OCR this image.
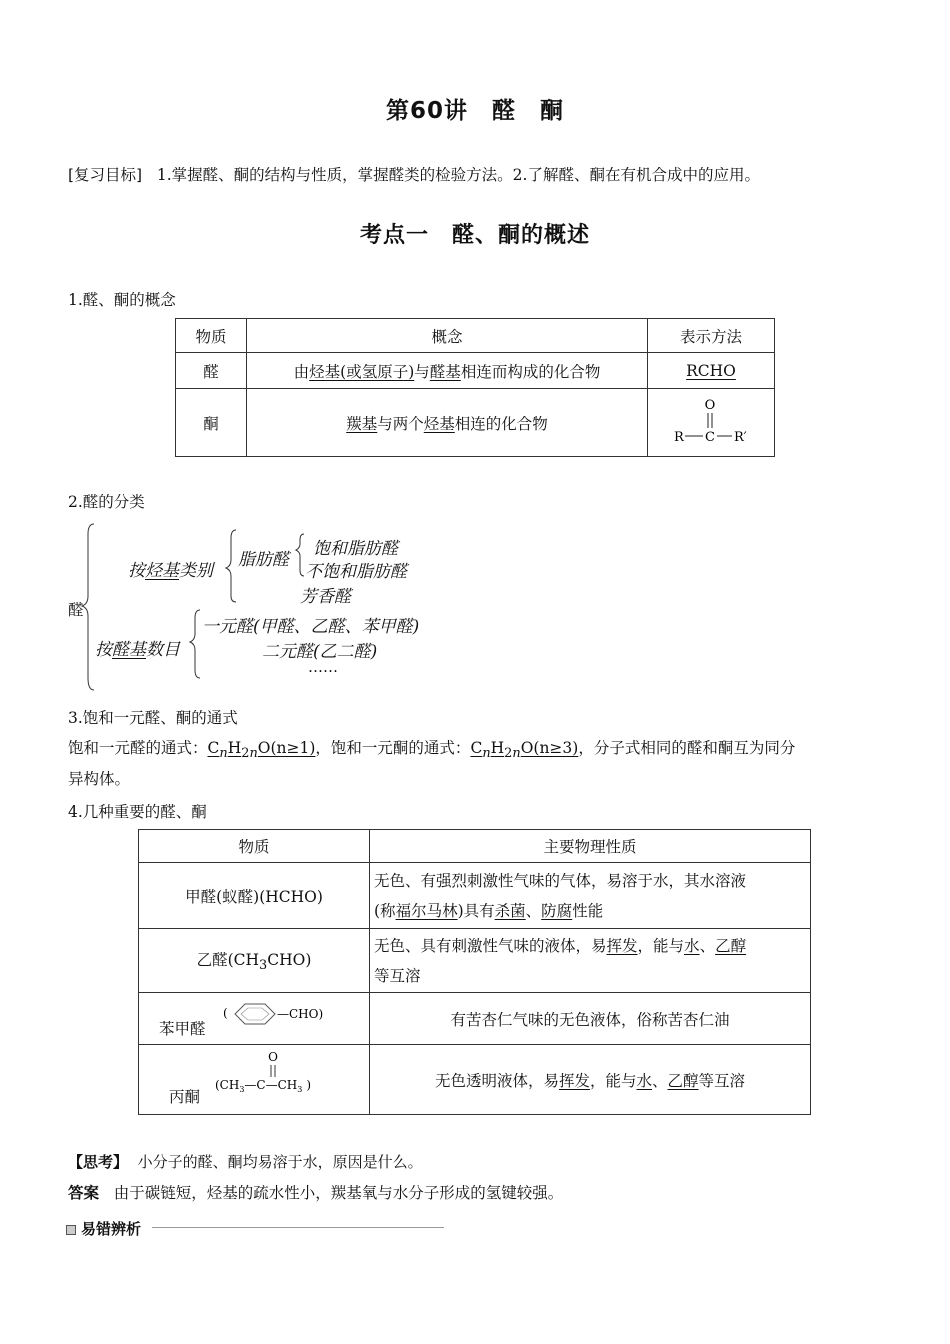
第60讲　醛　酮
[复习目标] 1.掌握醛、酮的结构与性质，掌握醛类的检验方法。2.了解醛、酮在有机合成中的应用。
考点一　醛、酮的概述
1.醛、酮的概念
物质	概念	表示方法
醛	由烃基(或氢原子)与醛基相连而构成的化合物	RCHO
酮	羰基与两个烃基相连的化合物	O
R C R′
2.醛的分类
醛
按烃基类别
脂肪醛
饱和脂肪醛
不饱和脂肪醛
芳香醛
按醛基数目
一元醛(甲醛、乙醛、苯甲醛)
二元醛(乙二醛)
……
3.饱和一元醛、酮的通式
饱和一元醛的通式：$C_nH_{2n}O(n\ge 1)$，饱和一元酮的通式：$C_nH_{2n}O(n\ge 3)$，分子式相同的醛和酮互为同分
异构体。
4.几种重要的醛、酮
物质	主要物理性质
甲醛(蚁醛)(HCHO)	无色、有强烈刺激性气味的气体，易溶于水，其水溶液
(称福尔马林)具有杀菌、防腐性能
乙醛$(CH_3CHO)$	无色、具有刺激性气味的液体，易挥发，能与水、乙醇
等互溶

苯甲醛
( —CHO)	有苦杏仁气味的无色液体，俗称苦杏仁油

丙酮
O
($CH_3—C—CH_3$ )	无色透明液体，易挥发，能与水、乙醇等互溶
【思考】 小分子的醛、酮均易溶于水，原因是什么。
答案 由于碳链短，烃基的疏水性小，羰基氧与水分子形成的氢键较强。
易错辨析
